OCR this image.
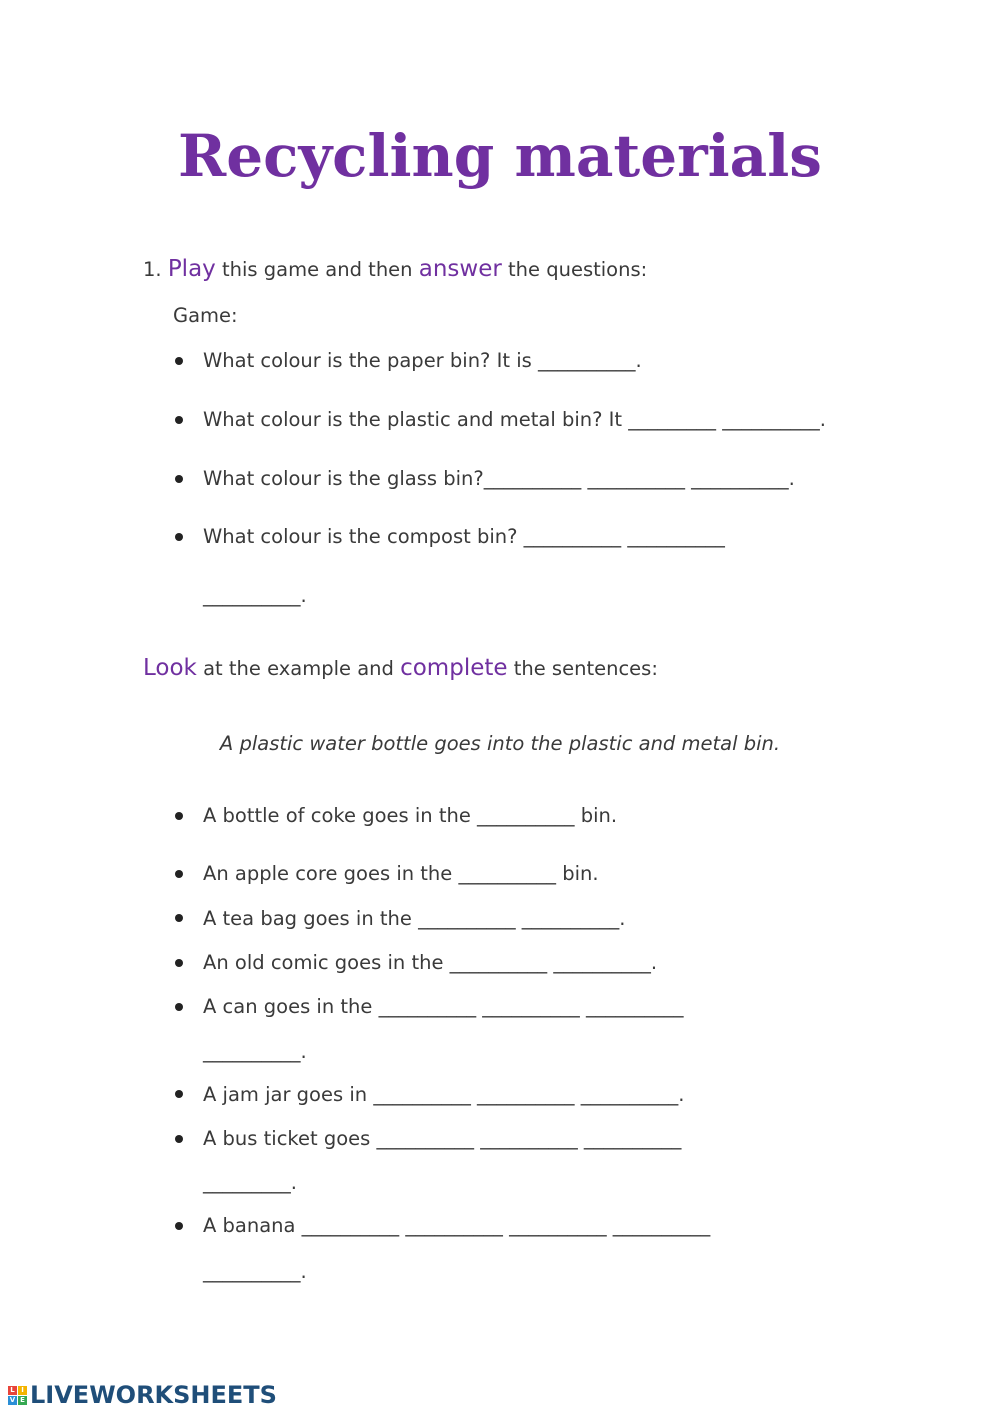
Recycling materials
1. Play this game and then answer the questions:
Game:
What colour is the paper bin? It is __________.
What colour is the plastic and metal bin? It _________ __________.
What colour is the glass bin?__________ __________ __________.
What colour is the compost bin? __________ __________
__________.
Look at the example and complete the sentences:
A plastic water bottle goes into the plastic and metal bin.
A bottle of coke goes in the __________ bin.
An apple core goes in the __________ bin.
A tea bag goes in the __________ __________.
An old comic goes in the __________ __________.
A can goes in the __________ __________ __________
__________.
A jam jar goes in __________ __________ __________.
A bus ticket goes __________ __________ __________
_________.
A banana __________ __________ __________ __________
__________.
L I
V E LIVEWORKSHEETS
